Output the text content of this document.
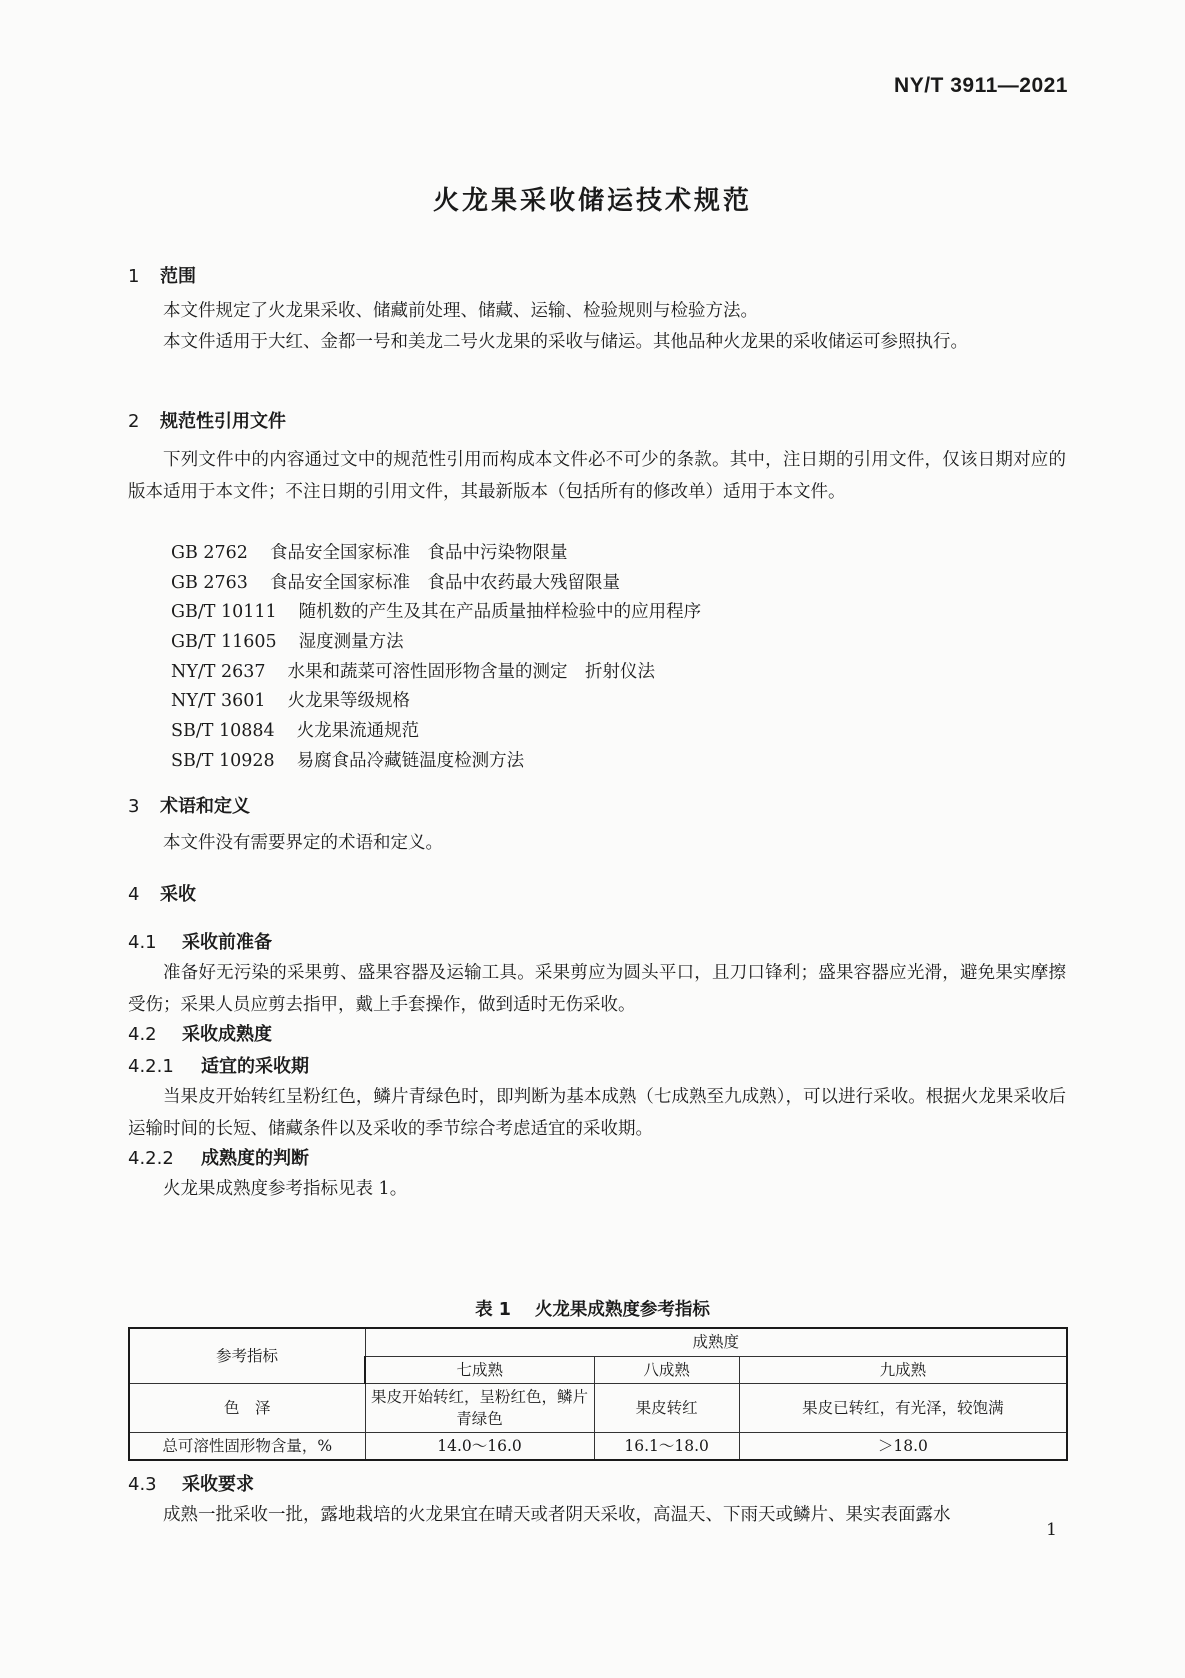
NY/T 3911—2021
火龙果采收储运技术规范
1 范围
本文件规定了火龙果采收、储藏前处理、储藏、运输、检验规则与检验方法。
本文件适用于大红、金都一号和美龙二号火龙果的采收与储运。其他品种火龙果的采收储运可参照执行。
2 规范性引用文件
下列文件中的内容通过文中的规范性引用而构成本文件必不可少的条款。其中，注日期的引用文件，仅该日期对应的版本适用于本文件；不注日期的引用文件，其最新版本（包括所有的修改单）适用于本文件。
GB 2762 食品安全国家标准　食品中污染物限量
GB 2763 食品安全国家标准　食品中农药最大残留限量
GB/T 10111 随机数的产生及其在产品质量抽样检验中的应用程序
GB/T 11605 湿度测量方法
NY/T 2637 水果和蔬菜可溶性固形物含量的测定　折射仪法
NY/T 3601 火龙果等级规格
SB/T 10884 火龙果流通规范
SB/T 10928 易腐食品冷藏链温度检测方法
3 术语和定义
本文件没有需要界定的术语和定义。
4 采收
4.1 采收前准备
准备好无污染的采果剪、盛果容器及运输工具。采果剪应为圆头平口，且刀口锋利；盛果容器应光滑，避免果实摩擦受伤；采果人员应剪去指甲，戴上手套操作，做到适时无伤采收。
4.2 采收成熟度
4.2.1 适宜的采收期
当果皮开始转红呈粉红色，鳞片青绿色时，即判断为基本成熟（七成熟至九成熟），可以进行采收。根据火龙果采收后运输时间的长短、储藏条件以及采收的季节综合考虑适宜的采收期。
4.2.2 成熟度的判断
火龙果成熟度参考指标见表 1。
表 1 火龙果成熟度参考指标
参考指标	成熟度		
	七成熟	八成熟	九成熟
色　泽	果皮开始转红，呈粉红色，鳞片青绿色	果皮转红	果皮已转红，有光泽，较饱满
总可溶性固形物含量，%	14.0～16.0	16.1～18.0	＞18.0
4.3 采收要求
成熟一批采收一批，露地栽培的火龙果宜在晴天或者阴天采收，高温天、下雨天或鳞片、果实表面露水
1
